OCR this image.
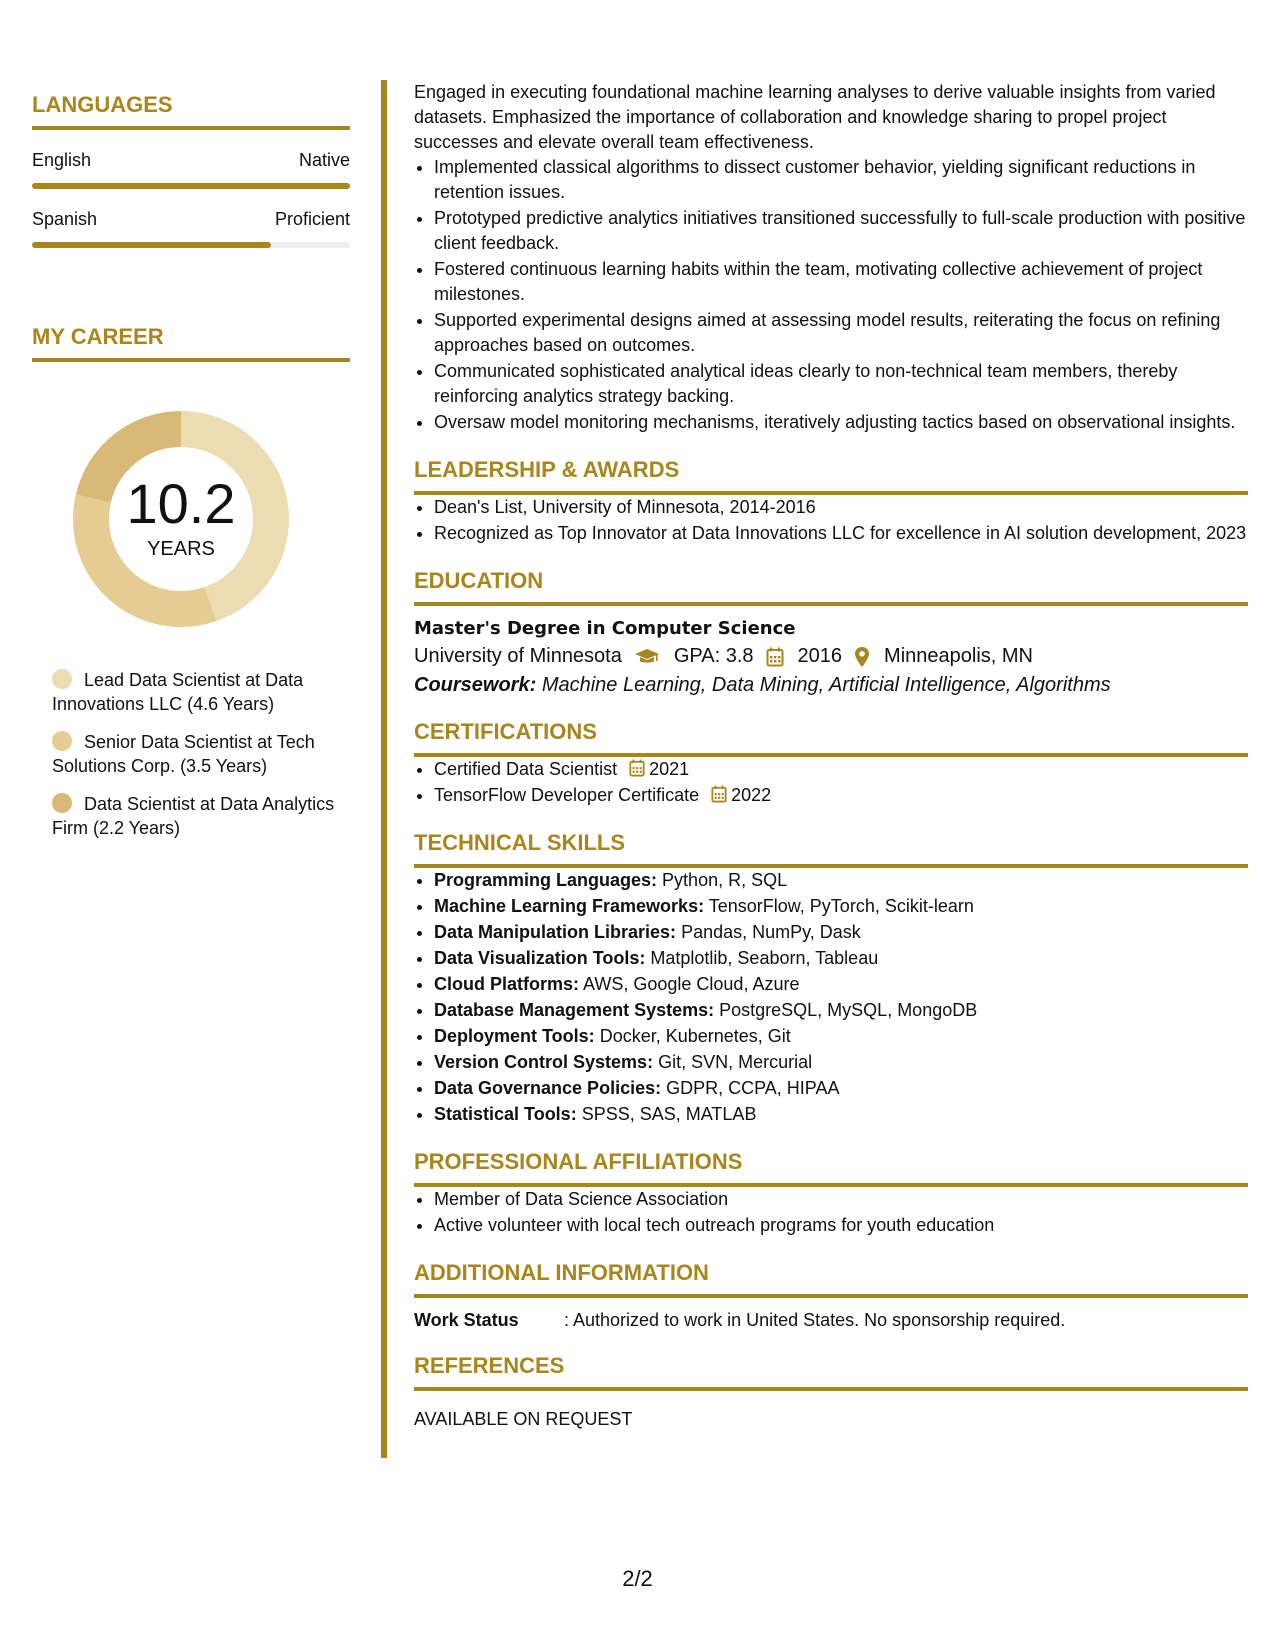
LANGUAGES
English	Native
Spanish	Proficient
MY CAREER
10.2
YEARS
Lead Data Scientist at Data Innovations LLC (4.6 Years)
Senior Data Scientist at Tech Solutions Corp. (3.5 Years)
Data Scientist at Data Analytics Firm (2.2 Years)

Engaged in executing foundational machine learning analyses to derive valuable insights from varied datasets. Emphasized the importance of collaboration and knowledge sharing to propel project successes and elevate overall team effectiveness.

• Implemented classical algorithms to dissect customer behavior, yielding significant reductions in retention issues.
• Prototyped predictive analytics initiatives transitioned successfully to full-scale production with positive client feedback.
• Fostered continuous learning habits within the team, motivating collective achievement of project milestones.
• Supported experimental designs aimed at assessing model results, reiterating the focus on refining approaches based on outcomes.
• Communicated sophisticated analytical ideas clearly to non-technical team members, thereby reinforcing analytics strategy backing.
• Oversaw model monitoring mechanisms, iteratively adjusting tactics based on observational insights.
LEADERSHIP & AWARDS
• Dean's List, University of Minnesota, 2014-2016
• Recognized as Top Innovator at Data Innovations LLC for excellence in AI solution development, 2023
EDUCATION
Master's Degree in Computer Science
University of Minnesota	GPA: 3.8 2016 Minneapolis, MN
Coursework: Machine Learning, Data Mining, Artificial Intelligence, Algorithms
CERTIFICATIONS
• Certified Data Scientist 2021
• TensorFlow Developer Certificate 2022
TECHNICAL SKILLS
• Programming Languages: Python, R, SQL
• Machine Learning Frameworks: TensorFlow, PyTorch, Scikit-learn
• Data Manipulation Libraries: Pandas, NumPy, Dask
• Data Visualization Tools: Matplotlib, Seaborn, Tableau
• Cloud Platforms: AWS, Google Cloud, Azure
• Database Management Systems: PostgreSQL, MySQL, MongoDB
• Deployment Tools: Docker, Kubernetes, Git
• Version Control Systems: Git, SVN, Mercurial
• Data Governance Policies: GDPR, CCPA, HIPAA
• Statistical Tools: SPSS, SAS, MATLAB
PROFESSIONAL AFFILIATIONS
• Member of Data Science Association
• Active volunteer with local tech outreach programs for youth education
ADDITIONAL INFORMATION
Work Status	: Authorized to work in United States. No sponsorship required.
REFERENCES
AVAILABLE ON REQUEST
2/2
